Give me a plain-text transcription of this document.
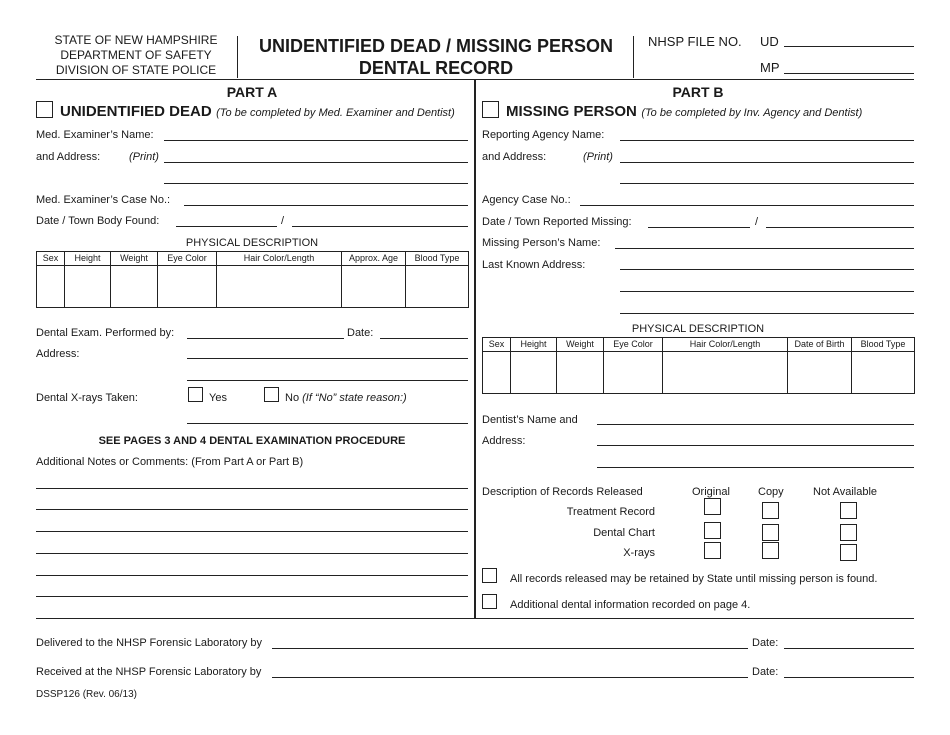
STATE OF NEW HAMPSHIRE
DEPARTMENT OF SAFETY
DIVISION OF STATE POLICE
UNIDENTIFIED DEAD / MISSING PERSON
DENTAL RECORD
NHSP FILE NO. UD
MP
PART A
UNIDENTIFIED DEAD (To be completed by Med. Examiner and Dentist)
Med. Examiner’s Name:
and Address:	(Print)
Med. Examiner’s Case No.:
Date / Town Body Found:	/
PHYSICAL DESCRIPTION
Sex	Height	Weight	Eye Color	Hair Color/Length	Approx. Age	Blood Type

Dental Exam. Performed by:	Date:
Address:
Dental X-rays Taken:	Yes	No (If “No” state reason:)
SEE PAGES 3 AND 4 DENTAL EXAMINATION PROCEDURE
Additional Notes or Comments: (From Part A or Part B)
PART B
MISSING PERSON (To be completed by Inv. Agency and Dentist)
Reporting Agency Name:
and Address:	(Print)
Agency Case No.:
Date / Town Reported Missing:	/
Missing Person’s Name:
Last Known Address:
PHYSICAL DESCRIPTION
Sex	Height	Weight	Eye Color	Hair Color/Length	Date of Birth	Blood Type

Dentist’s Name and
Address:
Description of Records Released	Original	Copy	Not Available
Treatment Record
Dental Chart
X-rays
All records released may be retained by State until missing person is found.
Additional dental information recorded on page 4.
Delivered to the NHSP Forensic Laboratory by	Date:
Received at the NHSP Forensic Laboratory by	Date:
DSSP126 (Rev. 06/13)
